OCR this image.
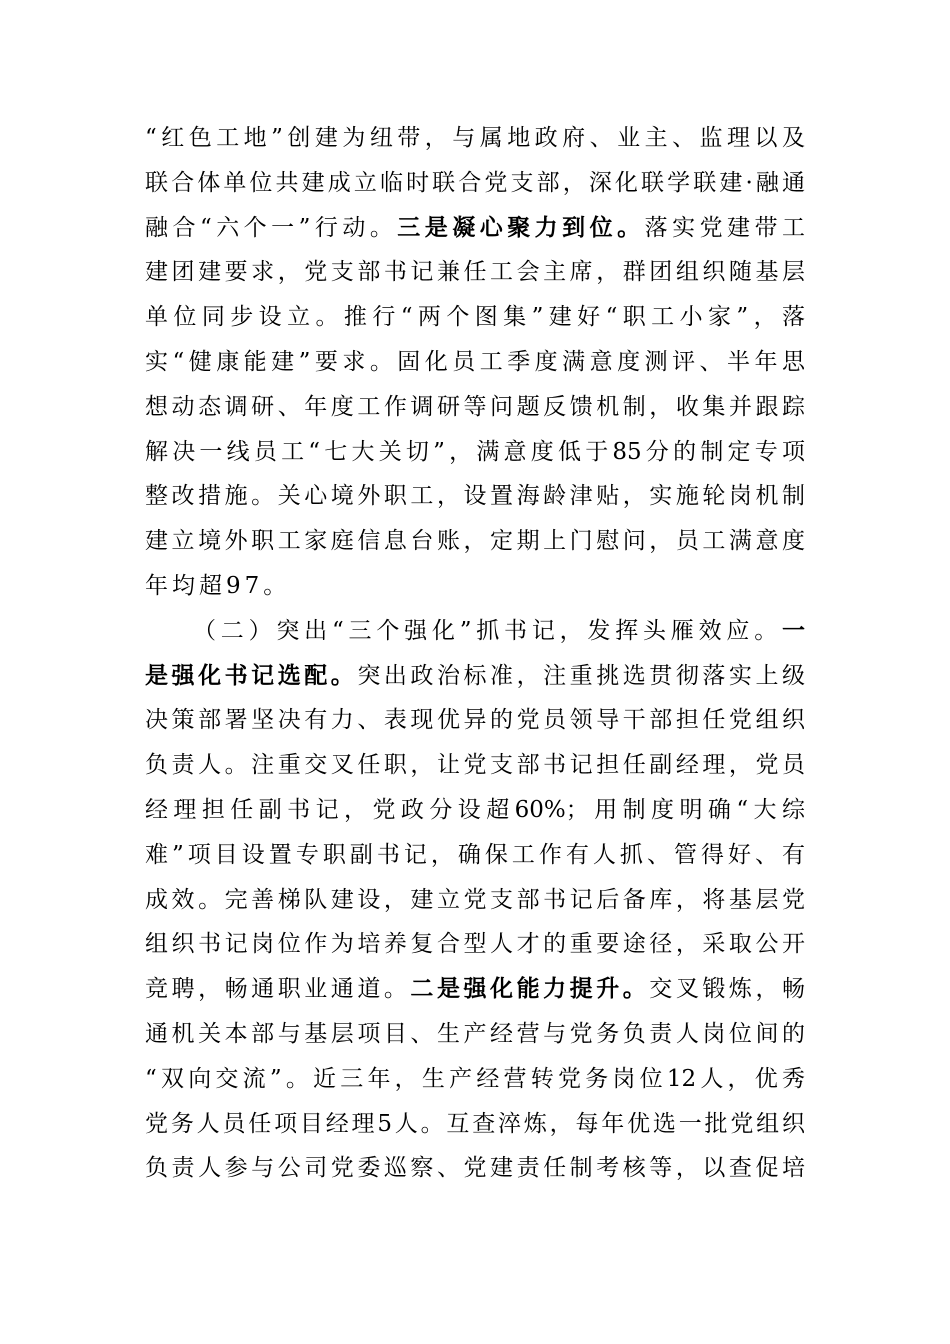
“红色工地”创建为纽带，与属地政府、业主、监理以及
联合体单位共建成立临时联合党支部，深化联学联建·融通
融合“六个一”行动。三是凝心聚力到位。落实党建带工
建团建要求，党支部书记兼任工会主席，群团组织随基层
单位同步设立。推行“两个图集”建好“职工小家”，落
实“健康能建”要求。固化员工季度满意度测评、半年思
想动态调研、年度工作调研等问题反馈机制，收集并跟踪
解决一线员工“七大关切”，满意度低于85分的制定专项
整改措施。关心境外职工，设置海龄津贴，实施轮岗机制
建立境外职工家庭信息台账，定期上门慰问，员工满意度
年均超97。
（二）突出“三个强化”抓书记，发挥头雁效应。一
是强化书记选配。突出政治标准，注重挑选贯彻落实上级
决策部署坚决有力、表现优异的党员领导干部担任党组织
负责人。注重交叉任职，让党支部书记担任副经理，党员
经理担任副书记，党政分设超60%；用制度明确“大综
难”项目设置专职副书记，确保工作有人抓、管得好、有
成效。完善梯队建设，建立党支部书记后备库，将基层党
组织书记岗位作为培养复合型人才的重要途径，采取公开
竞聘，畅通职业通道。二是强化能力提升。交叉锻炼，畅
通机关本部与基层项目、生产经营与党务负责人岗位间的
“双向交流”。近三年，生产经营转党务岗位12人，优秀
党务人员任项目经理5人。互查淬炼，每年优选一批党组织
负责人参与公司党委巡察、党建责任制考核等，以查促培
